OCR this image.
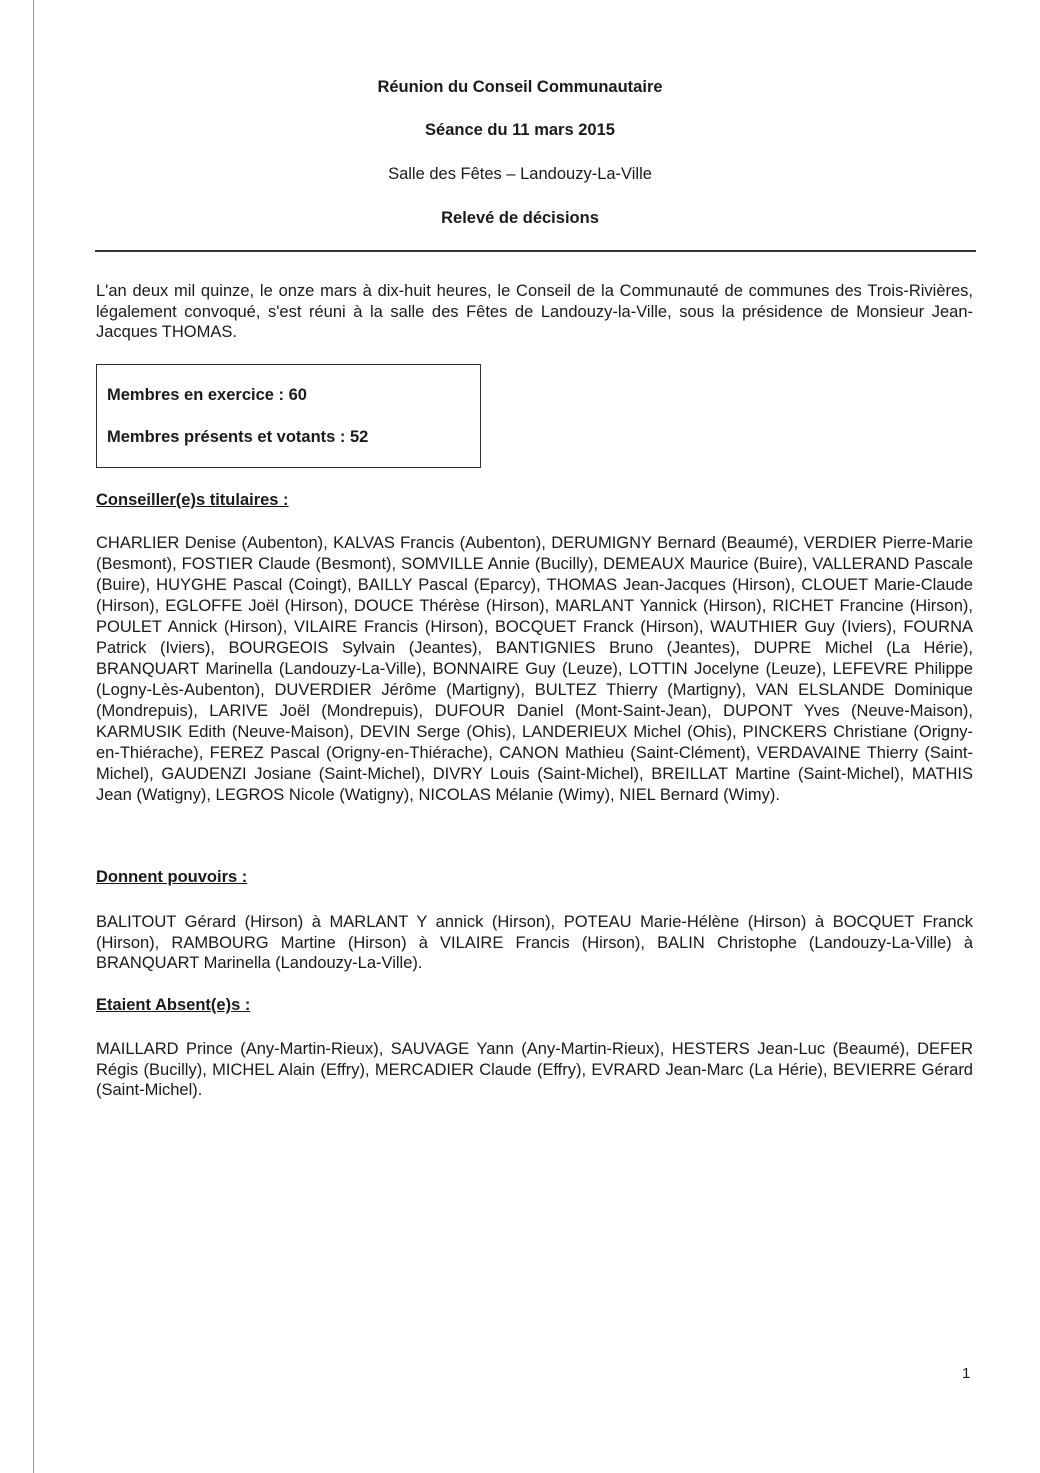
Réunion du Conseil Communautaire
Séance du 11 mars 2015
Salle des Fêtes – Landouzy-La-Ville
Relevé de décisions
L'an deux mil quinze, le onze mars à dix-huit heures, le Conseil de la Communauté de communes des Trois-Rivières, légalement convoqué, s'est réuni à la salle des Fêtes de Landouzy-la-Ville, sous la présidence de Monsieur Jean-Jacques THOMAS.
Membres en exercice : 60
Membres présents et votants : 52
Conseiller(e)s titulaires :
CHARLIER Denise (Aubenton), KALVAS Francis (Aubenton), DERUMIGNY Bernard (Beaumé), VERDIER Pierre-Marie (Besmont), FOSTIER Claude (Besmont), SOMVILLE Annie (Bucilly), DEMEAUX Maurice (Buire), VALLERAND Pascale (Buire), HUYGHE Pascal (Coingt), BAILLY Pascal (Eparcy), THOMAS Jean-Jacques (Hirson), CLOUET Marie-Claude (Hirson), EGLOFFE Joël (Hirson), DOUCE Thérèse (Hirson), MARLANT Yannick (Hirson), RICHET Francine (Hirson), POULET Annick (Hirson), VILAIRE Francis (Hirson), BOCQUET Franck (Hirson), WAUTHIER Guy (Iviers), FOURNA Patrick (Iviers), BOURGEOIS Sylvain (Jeantes), BANTIGNIES Bruno (Jeantes), DUPRE Michel (La Hérie), BRANQUART Marinella (Landouzy-La-Ville), BONNAIRE Guy (Leuze), LOTTIN Jocelyne (Leuze), LEFEVRE Philippe (Logny-Lès-Aubenton), DUVERDIER Jérôme (Martigny), BULTEZ Thierry (Martigny), VAN ELSLANDE Dominique (Mondrepuis), LARIVE Joël (Mondrepuis), DUFOUR Daniel (Mont-Saint-Jean), DUPONT Yves (Neuve-Maison), KARMUSIK Edith (Neuve-Maison), DEVIN Serge (Ohis), LANDERIEUX Michel (Ohis), PINCKERS Christiane (Origny-en-Thiérache), FEREZ Pascal (Origny-en-Thiérache), CANON Mathieu (Saint-Clément), VERDAVAINE Thierry (Saint-Michel), GAUDENZI Josiane (Saint-Michel), DIVRY Louis (Saint-Michel), BREILLAT Martine (Saint-Michel), MATHIS Jean (Watigny), LEGROS Nicole (Watigny), NICOLAS Mélanie (Wimy), NIEL Bernard (Wimy).
Donnent pouvoirs :
BALITOUT Gérard (Hirson) à MARLANT Y annick (Hirson), POTEAU Marie-Hélène (Hirson) à BOCQUET Franck (Hirson), RAMBOURG Martine (Hirson) à VILAIRE Francis (Hirson), BALIN Christophe (Landouzy-La-Ville) à BRANQUART Marinella (Landouzy-La-Ville).
Etaient Absent(e)s :
MAILLARD Prince (Any-Martin-Rieux), SAUVAGE Yann (Any-Martin-Rieux), HESTERS Jean-Luc (Beaumé), DEFER Régis (Bucilly), MICHEL Alain (Effry), MERCADIER Claude (Effry), EVRARD Jean-Marc (La Hérie), BEVIERRE Gérard (Saint-Michel).
1
